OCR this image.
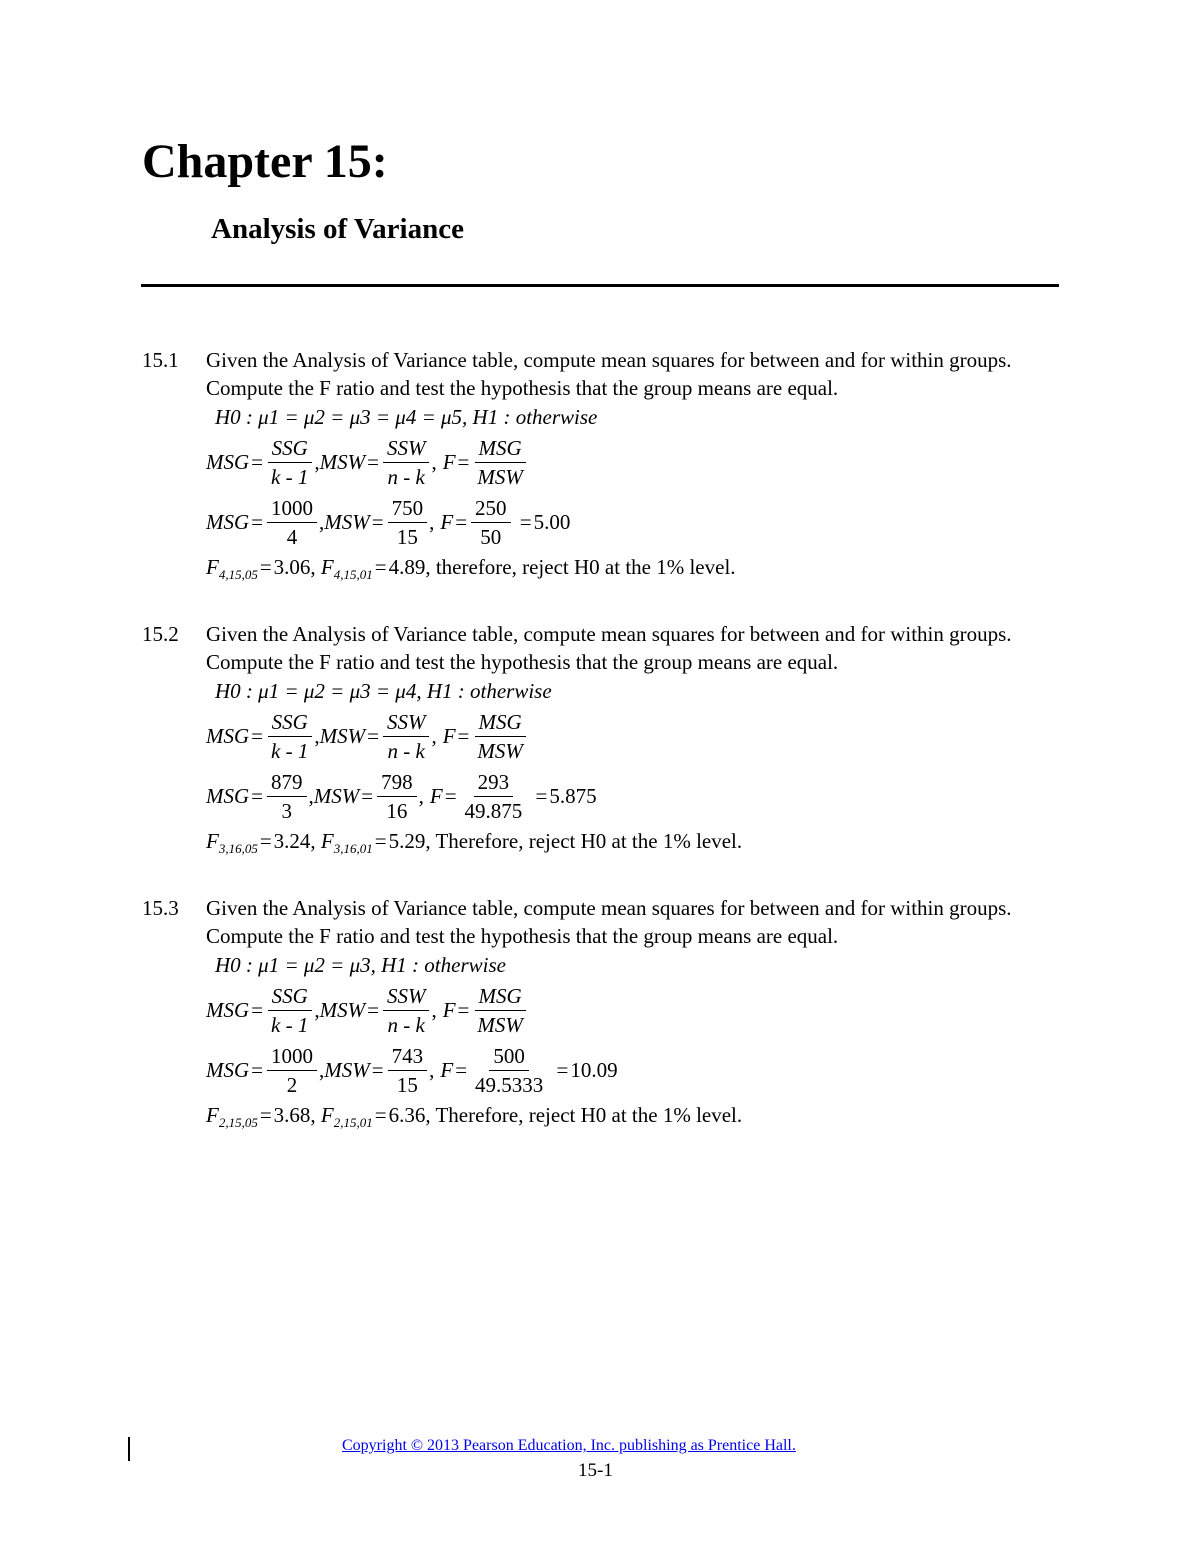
Chapter 15:
Analysis of Variance
15.1 Given the Analysis of Variance table, compute mean squares for between and for within groups. Compute the F ratio and test the hypothesis that the group means are equal.
H0 : μ1 = μ2 = μ3 = μ4 = μ5, H1 : otherwise
MSG = $\frac{\text{SSG}}{k - 1}$ , MSW = $\frac{\text{SSW}}{n - k}$ , $F = \frac{\text{MSG}}{\text{MSW}}$
MSG = $\frac{1000}{4}$ , MSW = $\frac{750}{15}$ , $F = \frac{250}{50} = 5.00$
$F_{4,15,05}=3.06$, $F_{4,15,01}=4.89$, therefore, reject H0 at the 1% level.
15.2 Given the Analysis of Variance table, compute mean squares for between and for within groups. Compute the F ratio and test the hypothesis that the group means are equal.
H0 : μ1 = μ2 = μ3 = μ4, H1 : otherwise
MSG = $\frac{\text{SSG}}{k - 1}$ , MSW = $\frac{\text{SSW}}{n - k}$ , $F = \frac{\text{MSG}}{\text{MSW}}$
MSG = $\frac{879}{3}$ , MSW = $\frac{798}{16}$ , $F = \frac{293}{49.875} = 5.875$
$F_{3,16,05}=3.24$, $F_{3,16,01}=5.29$, Therefore, reject H0 at the 1% level.
15.3 Given the Analysis of Variance table, compute mean squares for between and for within groups. Compute the F ratio and test the hypothesis that the group means are equal.
H0 : μ1 = μ2 = μ3, H1 : otherwise
MSG = $\frac{\text{SSG}}{k - 1}$ , MSW = $\frac{\text{SSW}}{n - k}$ , $F = \frac{\text{MSG}}{\text{MSW}}$
MSG = $\frac{1000}{2}$ , MSW = $\frac{743}{15}$ , $F = \frac{500}{49.5333} = 10.09$
$F_{2,15,05}=3.68$, $F_{2,15,01}=6.36$, Therefore, reject H0 at the 1% level.
Copyright © 2013 Pearson Education, Inc. publishing as Prentice Hall.
15-1
